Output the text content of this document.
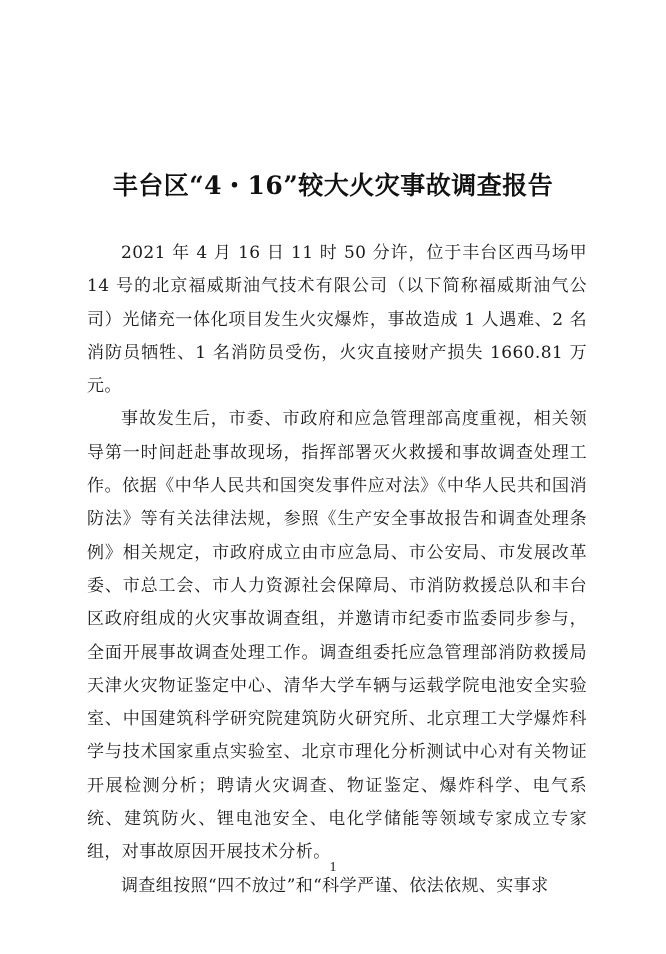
丰台区“4・16”较大火灾事故调查报告

2021 年 4 月 16 日 11 时 50 分许，位于丰台区西马场甲 14 号的北京福威斯油气技术有限公司（以下简称福威斯油气公司）光储充一体化项目发生火灾爆炸，事故造成 1 人遇难、2 名消防员牺牲、1 名消防员受伤，火灾直接财产损失 1660.81 万元。

事故发生后，市委、市政府和应急管理部高度重视，相关领导第一时间赶赴事故现场，指挥部署灭火救援和事故调查处理工作。依据《中华人民共和国突发事件应对法》《中华人民共和国消防法》等有关法律法规，参照《生产安全事故报告和调查处理条例》相关规定，市政府成立由市应急局、市公安局、市发展改革委、市总工会、市人力资源社会保障局、市消防救援总队和丰台区政府组成的火灾事故调查组，并邀请市纪委市监委同步参与，全面开展事故调查处理工作。调查组委托应急管理部消防救援局天津火灾物证鉴定中心、清华大学车辆与运载学院电池安全实验室、中国建筑科学研究院建筑防火研究所、北京理工大学爆炸科学与技术国家重点实验室、北京市理化分析测试中心对有关物证开展检测分析；聘请火灾调查、物证鉴定、爆炸科学、电气系统、建筑防火、锂电池安全、电化学储能等领域专家成立专家组，对事故原因开展技术分析。

调查组按照“四不放过”和“科学严谨、依法依规、实事求

1
